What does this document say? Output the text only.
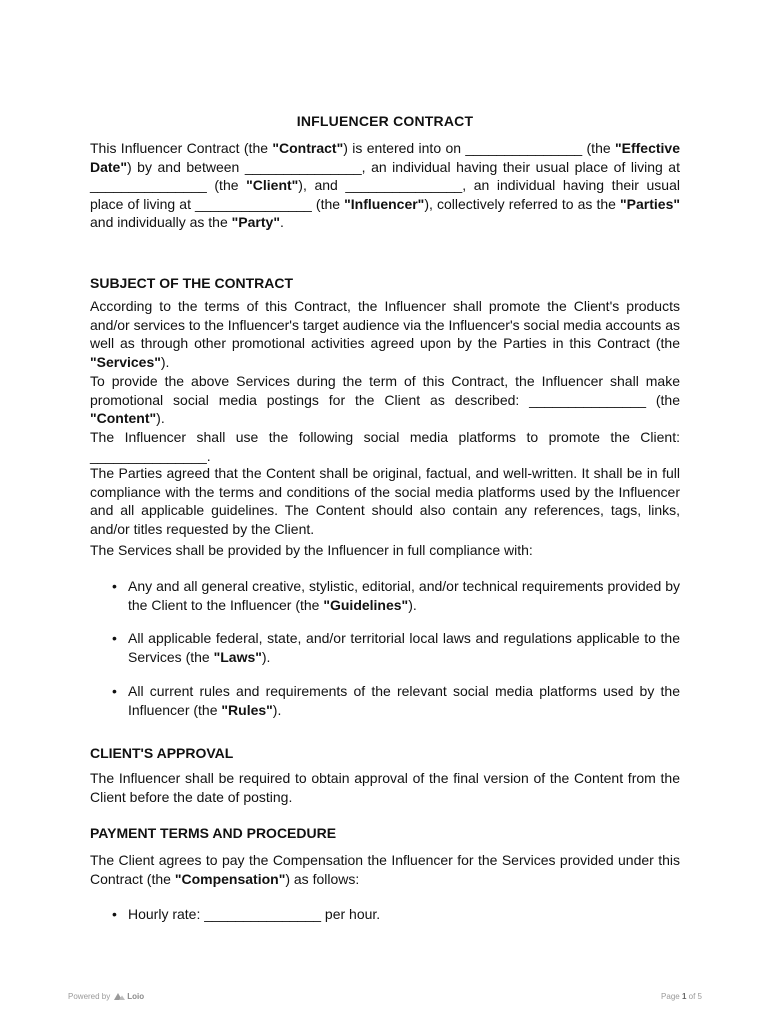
INFLUENCER CONTRACT
This Influencer Contract (the "Contract") is entered into on _______________ (the "Effective Date") by and between _______________, an individual having their usual place of living at _______________ (the "Client"), and _______________, an individual having their usual place of living at _______________ (the "Influencer"), collectively referred to as the "Parties" and individually as the "Party".
SUBJECT OF THE CONTRACT
According to the terms of this Contract, the Influencer shall promote the Client's products and/or services to the Influencer's target audience via the Influencer's social media accounts as well as through other promotional activities agreed upon by the Parties in this Contract (the "Services").
To provide the above Services during the term of this Contract, the Influencer shall make promotional social media postings for the Client as described: _______________ (the "Content").
The Influencer shall use the following social media platforms to promote the Client: _______________.
The Parties agreed that the Content shall be original, factual, and well-written. It shall be in full compliance with the terms and conditions of the social media platforms used by the Influencer and all applicable guidelines. The Content should also contain any references, tags, links, and/or titles requested by the Client.
The Services shall be provided by the Influencer in full compliance with:
• Any and all general creative, stylistic, editorial, and/or technical requirements provided by the Client to the Influencer (the "Guidelines").
• All applicable federal, state, and/or territorial local laws and regulations applicable to the Services (the "Laws").
• All current rules and requirements of the relevant social media platforms used by the Influencer (the "Rules").
CLIENT'S APPROVAL
The Influencer shall be required to obtain approval of the final version of the Content from the Client before the date of posting.
PAYMENT TERMS AND PROCEDURE
The Client agrees to pay the Compensation the Influencer for the Services provided under this Contract (the "Compensation") as follows:
• Hourly rate: _______________ per hour.
Powered by Loio	Page 1 of 5
